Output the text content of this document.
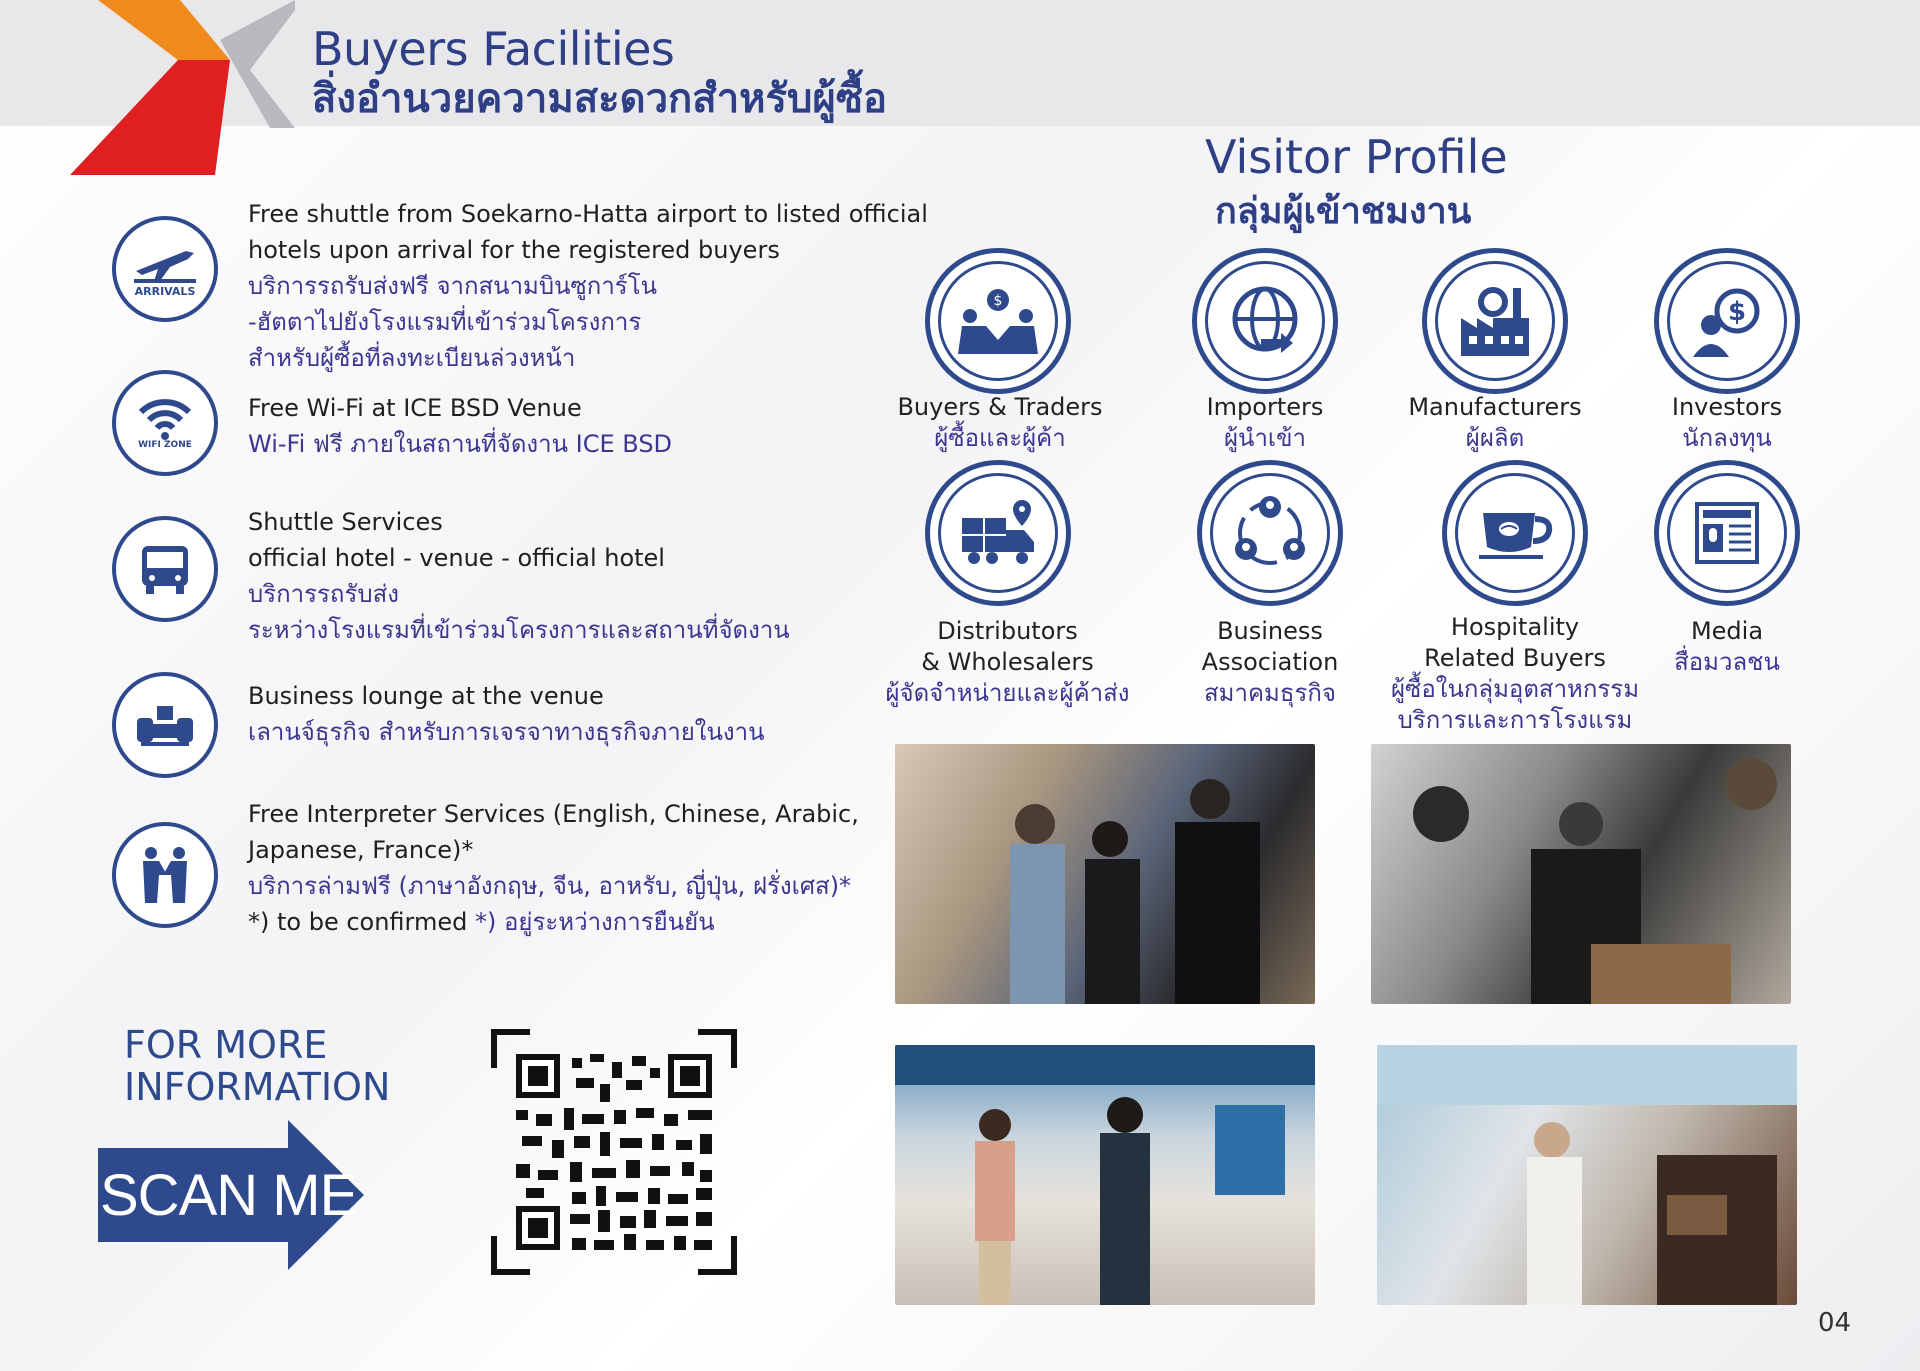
Buyers Facilities
สิ่งอำนวยความสะดวกสำหรับผู้ซื้อ
ARRIVALS
Free shuttle from Soekarno-Hatta airport to listed official
hotels upon arrival for the registered buyers
บริการรถรับส่งฟรี จากสนามบินซูการ์โน
-ฮัตตาไปยังโรงแรมที่เข้าร่วมโครงการ
สำหรับผู้ซื้อที่ลงทะเบียนล่วงหน้า
WIFI ZONE
Free Wi-Fi at ICE BSD Venue
Wi-Fi ฟรี ภายในสถานที่จัดงาน ICE BSD
Shuttle Services
official hotel - venue - official hotel
บริการรถรับส่ง
ระหว่างโรงแรมที่เข้าร่วมโครงการและสถานที่จัดงาน
Business lounge at the venue
เลานจ์ธุรกิจ สำหรับการเจรจาทางธุรกิจภายในงาน
Free Interpreter Services (English, Chinese, Arabic,
Japanese, France)*
บริการล่ามฟรี (ภาษาอังกฤษ, จีน, อาหรับ, ญี่ปุ่น, ฝรั่งเศส)*
*) to be confirmed *) อยู่ระหว่างการยืนยัน
Visitor Profile
กลุ่มผู้เข้าชมงาน
$	$
Buyers & Traders
ผู้ซื้อและผู้ค้า
Importers
ผู้นำเข้า
Manufacturers
ผู้ผลิต
Investors
นักลงทุน
Distributors
& Wholesalers
ผู้จัดจำหน่ายและผู้ค้าส่ง
Business
Association
สมาคมธุรกิจ
Hospitality
Related Buyers
ผู้ซื้อในกลุ่มอุตสาหกรรม
บริการและการโรงแรม
Media
สื่อมวลชน
FOR MORE
INFORMATION
SCAN ME
04
